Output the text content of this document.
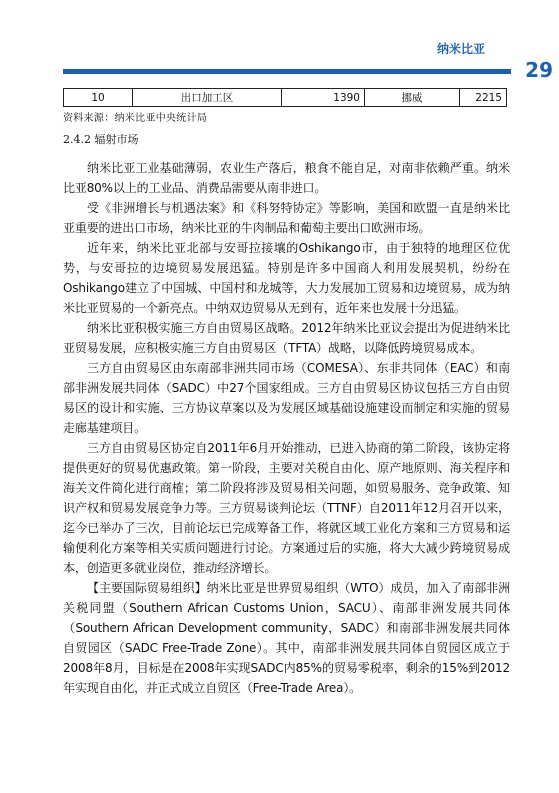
纳米比亚
29
10	出口加工区	1390	挪威	2215
资料来源：纳米比亚中央统计局
2.4.2 辐射市场

纳米比亚工业基础薄弱，农业生产落后，粮食不能自足，对南非依赖严重。纳米比亚80%以上的工业品、消费品需要从南非进口。

受《非洲增长与机遇法案》和《科努特协定》等影响，美国和欧盟一直是纳米比亚重要的进出口市场，纳米比亚的牛肉制品和葡萄主要出口欧洲市场。

近年来，纳米比亚北部与安哥拉接壤的Oshikango市，由于独特的地理区位优势，与安哥拉的边境贸易发展迅猛。特别是许多中国商人利用发展契机，纷纷在Oshikango建立了中国城、中国村和龙城等，大力发展加工贸易和边境贸易，成为纳米比亚贸易的一个新亮点。中纳双边贸易从无到有，近年来也发展十分迅猛。

纳米比亚积极实施三方自由贸易区战略。2012年纳米比亚议会提出为促进纳米比亚贸易发展，应积极实施三方自由贸易区（TFTA）战略，以降低跨境贸易成本。

三方自由贸易区由东南部非洲共同市场（COMESA）、东非共同体（EAC）和南部非洲发展共同体（SADC）中27个国家组成。三方自由贸易区协议包括三方自由贸易区的设计和实施、三方协议草案以及为发展区域基础设施建设而制定和实施的贸易走廊基建项目。

三方自由贸易区协定自2011年6月开始推动，已进入协商的第二阶段，该协定将提供更好的贸易优惠政策。第一阶段，主要对关税自由化、原产地原则、海关程序和海关文件简化进行商榷；第二阶段将涉及贸易相关问题，如贸易服务、竞争政策、知识产权和贸易发展竞争力等。三方贸易谈判论坛（TTNF）自2011年12月召开以来，迄今已举办了三次，目前论坛已完成筹备工作，将就区域工业化方案和三方贸易和运输便利化方案等相关实质问题进行讨论。方案通过后的实施，将大大减少跨境贸易成本，创造更多就业岗位，推动经济增长。

【主要国际贸易组织】纳米比亚是世界贸易组织（WTO）成员，加入了南部非洲关税同盟（Southern African Customs Union，SACU）、南部非洲发展共同体（Southern African Development community，SADC）和南部非洲发展共同体自贸园区（SADC Free-Trade Zone）。其中，南部非洲发展共同体自贸园区成立于2008年8月，目标是在2008年实现SADC内85%的贸易零税率，剩余的15%到2012年实现自由化，并正式成立自贸区（Free-Trade Area）。
